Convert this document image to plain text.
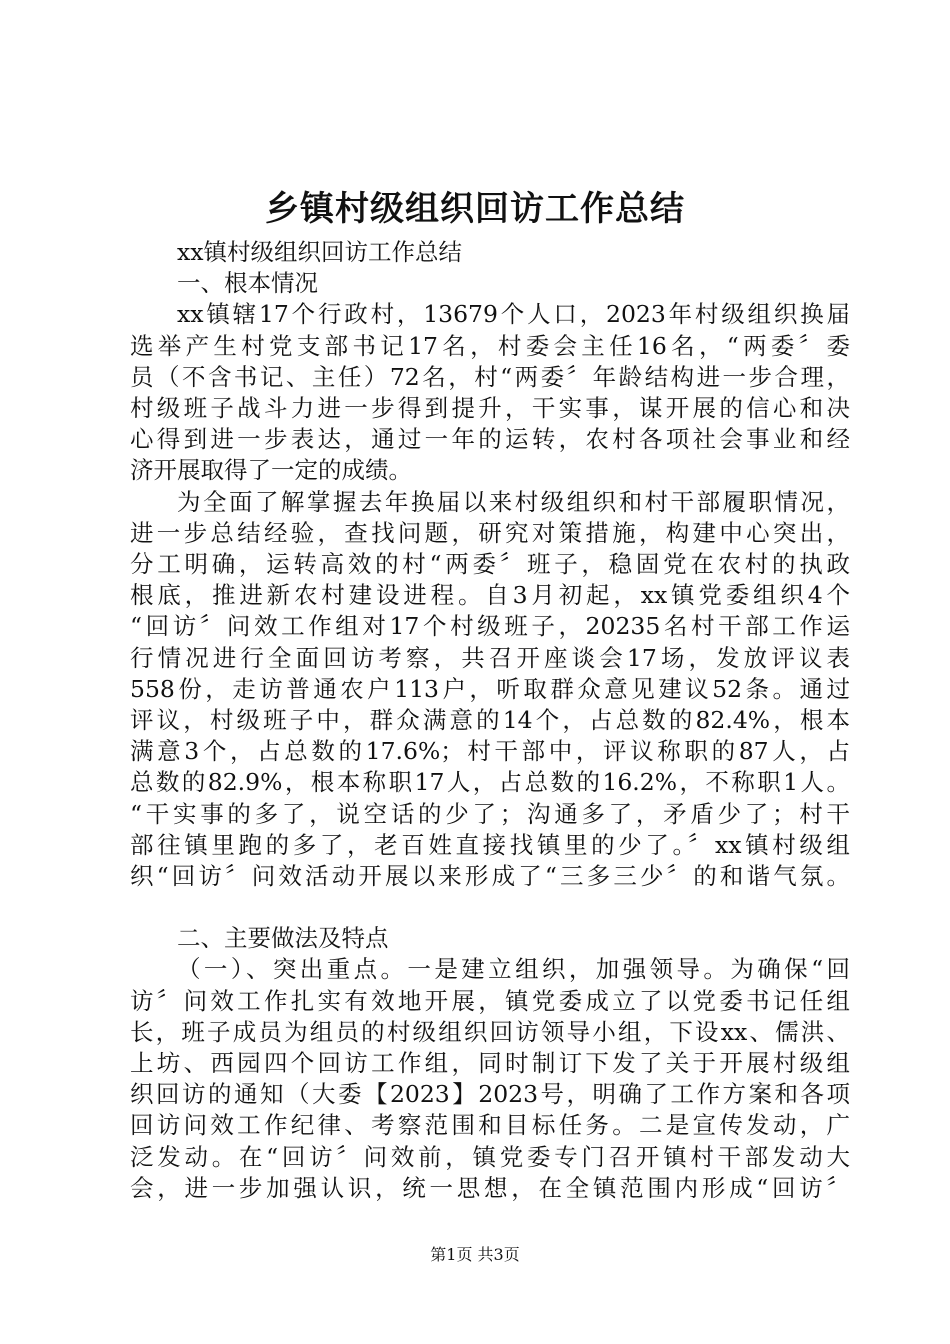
乡镇村级组织回访工作总结

xx镇村级组织回访工作总结

一、根本情况

xx镇辖17个行政村，13679个人口，2023年村级组织换届

选举产生村党支部书记17名，村委会主任16名，“两委〞委

员（不含书记、主任）72名，村“两委〞年龄结构进一步合理，

村级班子战斗力进一步得到提升，干实事，谋开展的信心和决

心得到进一步表达，通过一年的运转，农村各项社会事业和经

济开展取得了一定的成绩。

为全面了解掌握去年换届以来村级组织和村干部履职情况，

进一步总结经验，查找问题，研究对策措施，构建中心突出，

分工明确，运转高效的村“两委〞班子，稳固党在农村的执政

根底，推进新农村建设进程。自3月初起，xx镇党委组织4个

“回访〞问效工作组对17个村级班子，20235名村干部工作运

行情况进行全面回访考察，共召开座谈会17场，发放评议表

558份，走访普通农户113户，听取群众意见建议52条。通过

评议，村级班子中，群众满意的14个，占总数的82.4%，根本

满意3个，占总数的17.6%；村干部中，评议称职的87人，占

总数的82.9%，根本称职17人，占总数的16.2%，不称职1人。

“干实事的多了，说空话的少了；沟通多了，矛盾少了；村干

部往镇里跑的多了，老百姓直接找镇里的少了。〞xx镇村级组

织“回访〞问效活动开展以来形成了“三多三少〞的和谐气氛。

二、主要做法及特点

（一）、突出重点。一是建立组织，加强领导。为确保“回

访〞问效工作扎实有效地开展，镇党委成立了以党委书记任组

长，班子成员为组员的村级组织回访领导小组，下设xx、儒洪、

上坊、西园四个回访工作组，同时制订下发了关于开展村级组

织回访的通知（大委【2023】2023号，明确了工作方案和各项

回访问效工作纪律、考察范围和目标任务。二是宣传发动，广

泛发动。在“回访〞问效前，镇党委专门召开镇村干部发动大

会，进一步加强认识，统一思想，在全镇范围内形成“回访〞

第1页 共3页
